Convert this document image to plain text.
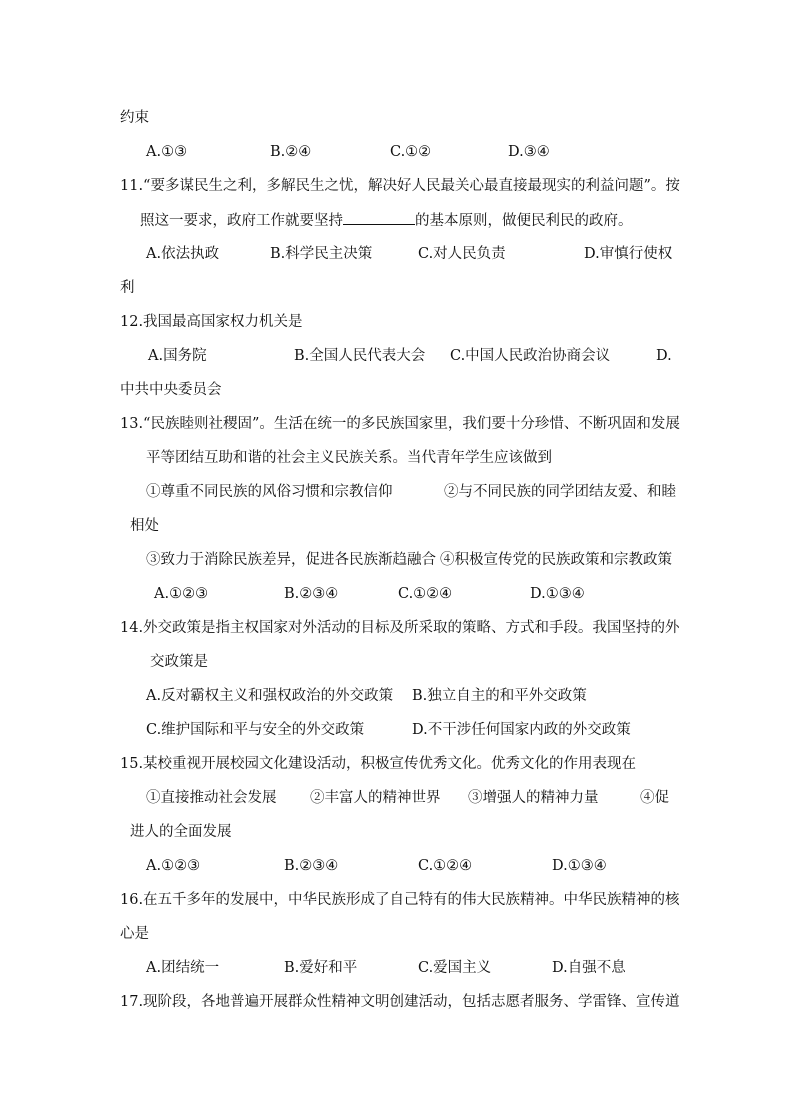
约束
A.①③	B.②④	C.①②	D.③④
11.“要多谋民生之利，多解民生之忧，解决好人民最关心最直接最现实的利益问题”。按
照这一要求，政府工作就要坚持	的基本原则，做便民利民的政府。
A.依法执政	B.科学民主决策	C.对人民负责	D.审慎行使权
利
12.我国最高国家权力机关是
A.国务院	B.全国人民代表大会 C.中国人民政治协商会议	D.
中共中央委员会
13.“民族睦则社稷固”。生活在统一的多民族国家里，我们要十分珍惜、不断巩固和发展
平等团结互助和谐的社会主义民族关系。当代青年学生应该做到
①尊重不同民族的风俗习惯和宗教信仰	②与不同民族的同学团结友爱、和睦
相处
③致力于消除民族差异，促进各民族渐趋融合 ④积极宣传党的民族政策和宗教政策
A.①②③	B.②③④	C.①②④	D.①③④
14.外交政策是指主权国家对外活动的目标及所采取的策略、方式和手段。我国坚持的外
交政策是
A.反对霸权主义和强权政治的外交政策 B.独立自主的和平外交政策
C.维护国际和平与安全的外交政策	D.不干涉任何国家内政的外交政策
15.某校重视开展校园文化建设活动，积极宣传优秀文化。优秀文化的作用表现在
①直接推动社会发展 ②丰富人的精神世界 ③增强人的精神力量	④促
进人的全面发展
A.①②③	B.②③④	C.①②④	D.①③④
16.在五千多年的发展中，中华民族形成了自己特有的伟大民族精神。中华民族精神的核
心是
A.团结统一	B.爱好和平	C.爱国主义	D.自强不息
17.现阶段，各地普遍开展群众性精神文明创建活动，包括志愿者服务、学雷锋、宣传道
